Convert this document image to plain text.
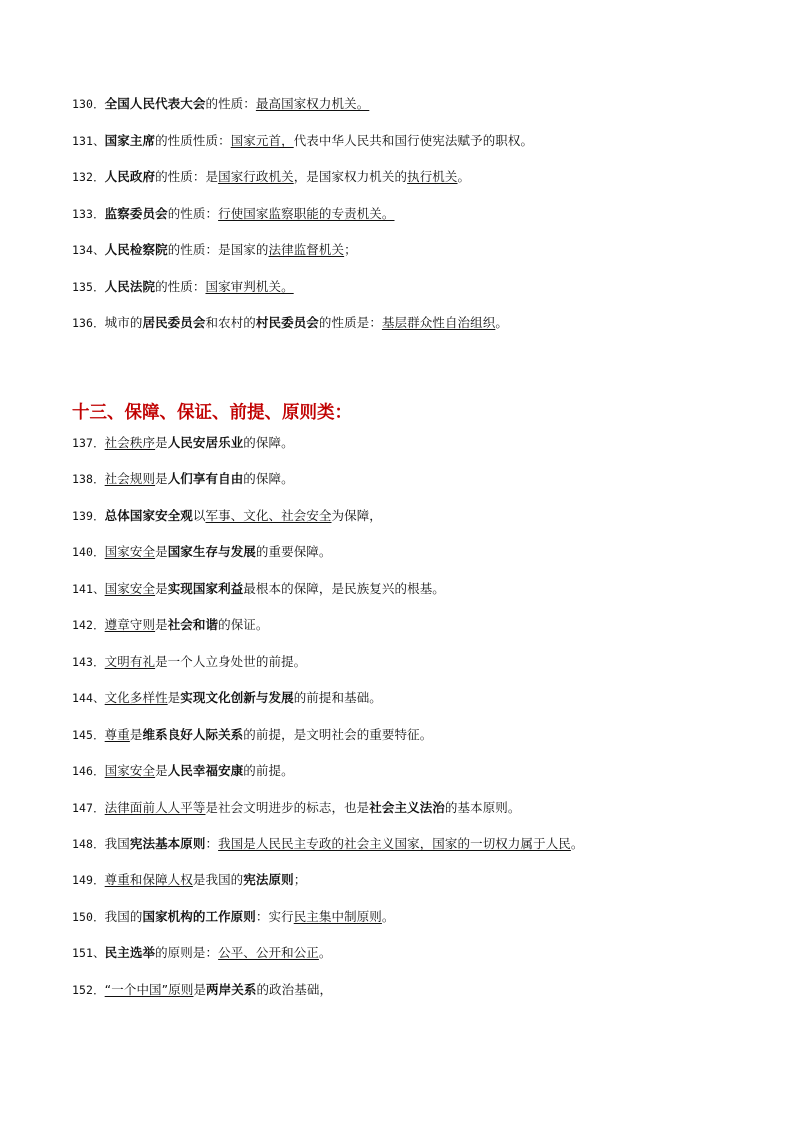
130．全国人民代表大会的性质：最高国家权力机关。
131、国家主席的性质性质：国家元首，代表中华人民共和国行使宪法赋予的职权。
132．人民政府的性质：是国家行政机关，是国家权力机关的执行机关。
133．监察委员会的性质：行使国家监察职能的专责机关。
134、人民检察院的性质：是国家的法律监督机关；
135．人民法院的性质：国家审判机关。
136．城市的居民委员会和农村的村民委员会的性质是：基层群众性自治组织。
十三、保障、保证、前提、原则类：
137．社会秩序是人民安居乐业的保障。
138．社会规则是人们享有自由的保障。
139．总体国家安全观以军事、文化、社会安全为保障，
140．国家安全是国家生存与发展的重要保障。
141、国家安全是实现国家利益最根本的保障，是民族复兴的根基。
142．遵章守则是社会和谐的保证。
143．文明有礼是一个人立身处世的前提。
144、文化多样性是实现文化创新与发展的前提和基础。
145．尊重是维系良好人际关系的前提，是文明社会的重要特征。
146．国家安全是人民幸福安康的前提。
147．法律面前人人平等是社会文明进步的标志，也是社会主义法治的基本原则。
148．我国宪法基本原则：我国是人民民主专政的社会主义国家，国家的一切权力属于人民。
149．尊重和保障人权是我国的宪法原则；
150．我国的国家机构的工作原则：实行民主集中制原则。
151、民主选举的原则是：公平、公开和公正。
152．“一个中国”原则是两岸关系的政治基础，
